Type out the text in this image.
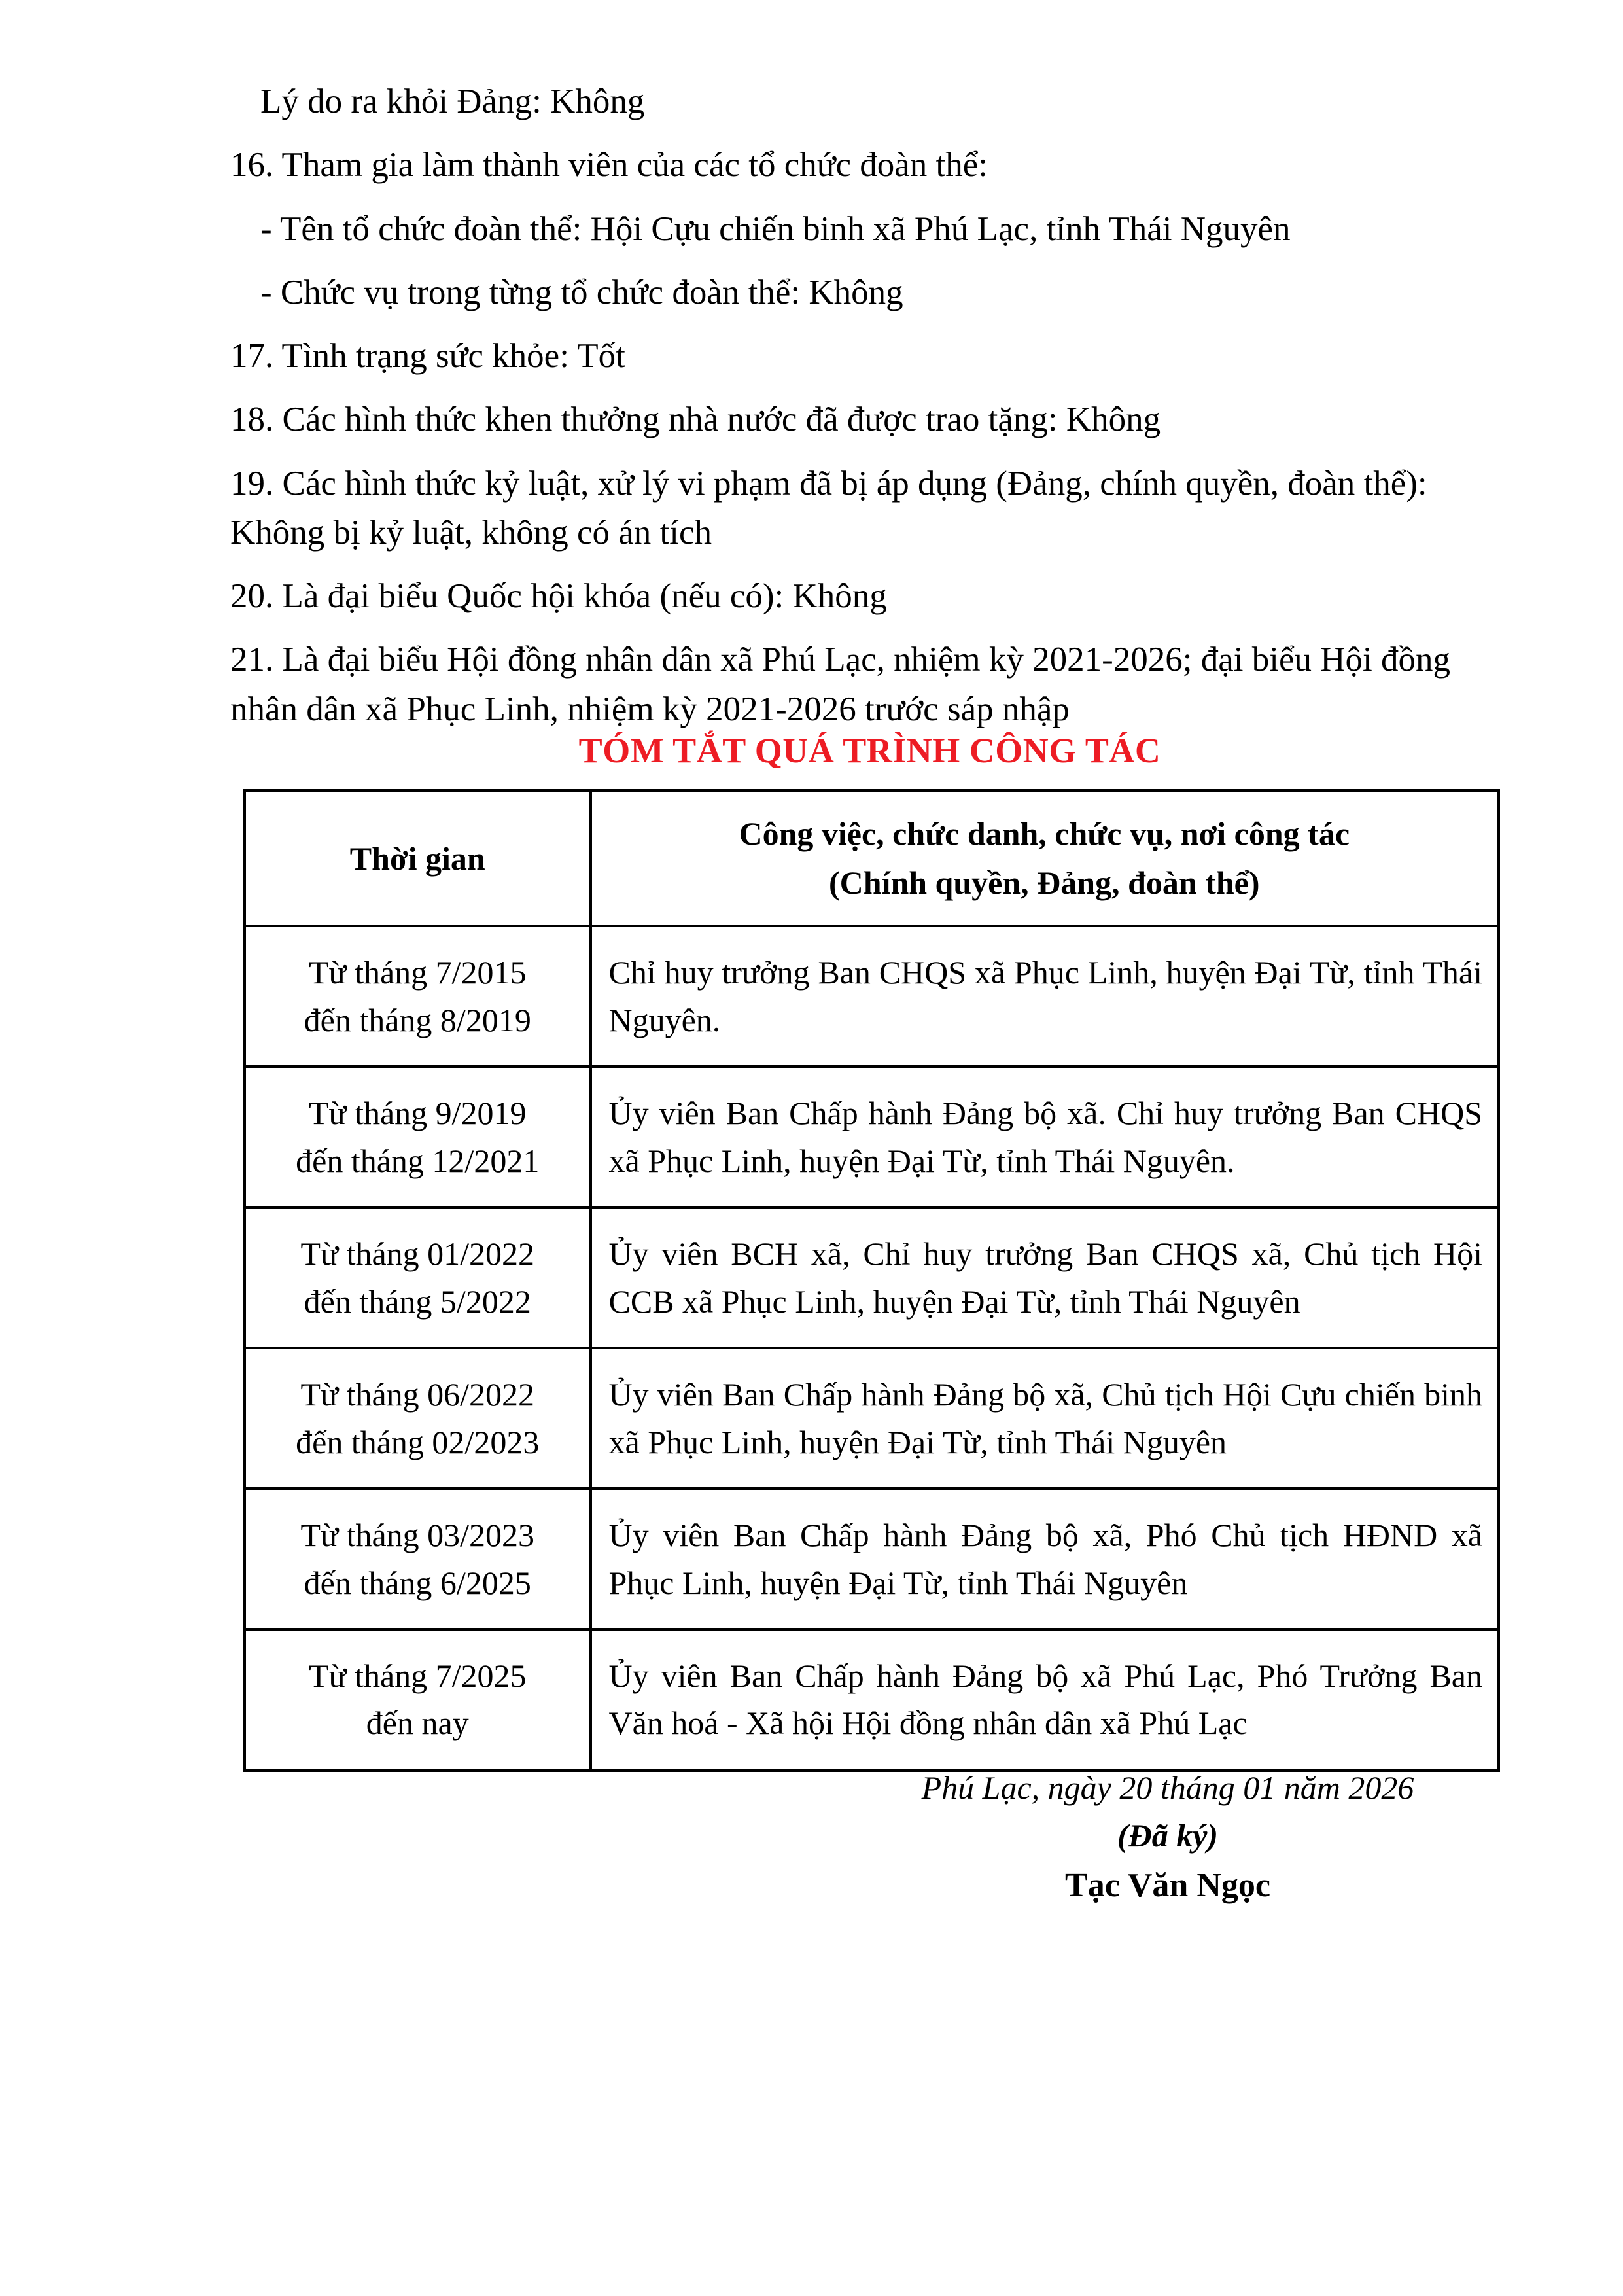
Lý do ra khỏi Đảng: Không

16. Tham gia làm thành viên của các tổ chức đoàn thể:

- Tên tổ chức đoàn thể: Hội Cựu chiến binh xã Phú Lạc, tỉnh Thái Nguyên

- Chức vụ trong từng tổ chức đoàn thể: Không

17. Tình trạng sức khỏe: Tốt

18. Các hình thức khen thưởng nhà nước đã được trao tặng: Không

19. Các hình thức kỷ luật, xử lý vi phạm đã bị áp dụng (Đảng, chính quyền, đoàn thể): Không bị kỷ luật, không có án tích

20. Là đại biểu Quốc hội khóa (nếu có): Không

21. Là đại biểu Hội đồng nhân dân xã Phú Lạc, nhiệm kỳ 2021-2026; đại biểu Hội đồng nhân dân xã Phục Linh, nhiệm kỳ 2021-2026 trước sáp nhập

TÓM TẮT QUÁ TRÌNH CÔNG TÁC
Thời gian	Công việc, chức danh, chức vụ, nơi công tác
(Chính quyền, Đảng, đoàn thể)

Từ tháng 7/2015
đến tháng 8/2019	Chỉ huy trưởng Ban CHQS xã Phục Linh, huyện Đại Từ, tỉnh Thái Nguyên.

Từ tháng 9/2019
đến tháng 12/2021	Ủy viên Ban Chấp hành Đảng bộ xã. Chỉ huy trưởng Ban CHQS xã Phục Linh, huyện Đại Từ, tỉnh Thái Nguyên.

Từ tháng 01/2022
đến tháng 5/2022	Ủy viên BCH xã, Chỉ huy trưởng Ban CHQS xã, Chủ tịch Hội CCB xã Phục Linh, huyện Đại Từ, tỉnh Thái Nguyên

Từ tháng 06/2022
đến tháng 02/2023	Ủy viên Ban Chấp hành Đảng bộ xã, Chủ tịch Hội Cựu chiến binh xã Phục Linh, huyện Đại Từ, tỉnh Thái Nguyên

Từ tháng 03/2023
đến tháng 6/2025	Ủy viên Ban Chấp hành Đảng bộ xã, Phó Chủ tịch HĐND xã Phục Linh, huyện Đại Từ, tỉnh Thái Nguyên

Từ tháng 7/2025
đến nay	Ủy viên Ban Chấp hành Đảng bộ xã Phú Lạc, Phó Trưởng Ban Văn hoá - Xã hội Hội đồng nhân dân xã Phú Lạc

Phú Lạc, ngày 20 tháng 01 năm 2026

(Đã ký)

Tạc Văn Ngọc
